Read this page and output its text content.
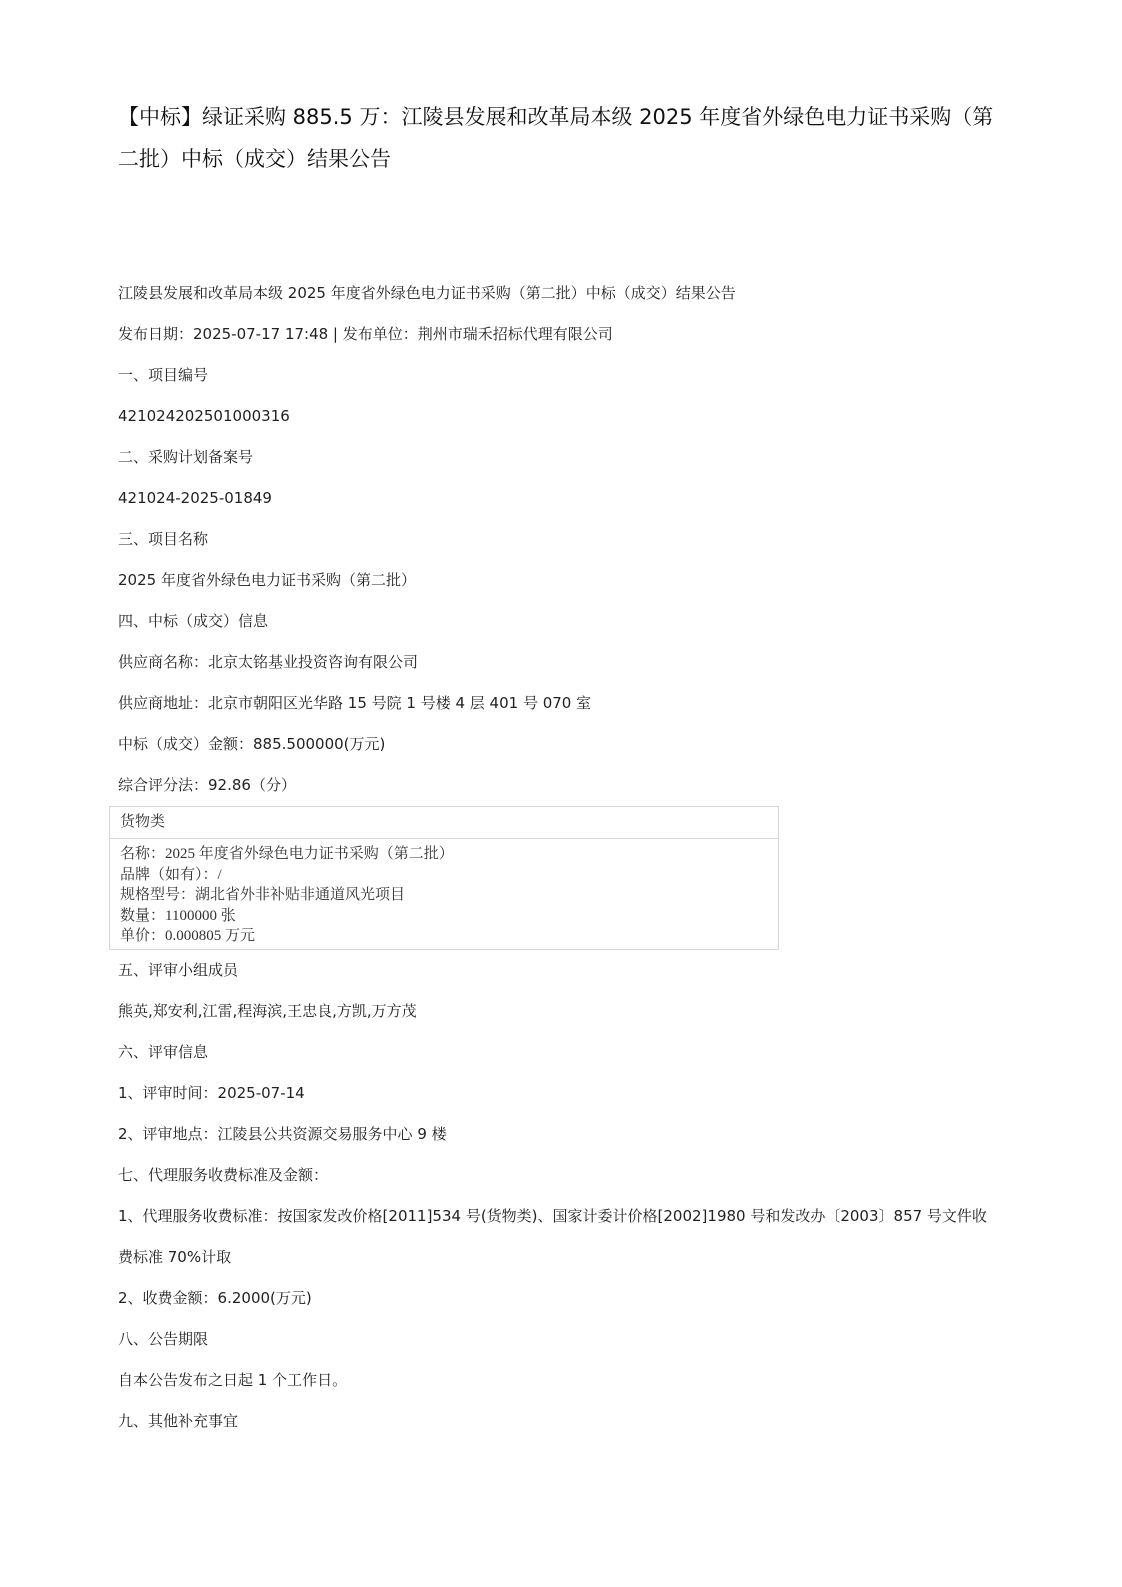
【中标】绿证采购 885.5 万：江陵县发展和改革局本级 2025 年度省外绿色电力证书采购（第二批）中标（成交）结果公告
江陵县发展和改革局本级 2025 年度省外绿色电力证书采购（第二批）中标（成交）结果公告
发布日期：2025-07-17 17:48 | 发布单位：荆州市瑞禾招标代理有限公司
一、项目编号
421024202501000316
二、采购计划备案号
421024-2025-01849
三、项目名称
2025 年度省外绿色电力证书采购（第二批）
四、中标（成交）信息
供应商名称：北京太铭基业投资咨询有限公司
供应商地址：北京市朝阳区光华路 15 号院 1 号楼 4 层 401 号 070 室
中标（成交）金额：885.500000(万元)
综合评分法：92.86（分）
货物类
名称：2025 年度省外绿色电力证书采购（第二批）
品牌（如有）：/
规格型号：湖北省外非补贴非通道风光项目
数量：1100000 张
单价：0.000805 万元
五、评审小组成员
熊英,郑安利,江雷,程海滨,王忠良,方凯,万方茂
六、评审信息
1、评审时间：2025-07-14
2、评审地点：江陵县公共资源交易服务中心 9 楼
七、代理服务收费标准及金额：
1、代理服务收费标准：按国家发改价格[2011]534 号(货物类)、国家计委计价格[2002]1980 号和发改办〔2003〕857 号文件收费标准 70%计取
2、收费金额：6.2000(万元)
八、公告期限
自本公告发布之日起 1 个工作日。
九、其他补充事宜
